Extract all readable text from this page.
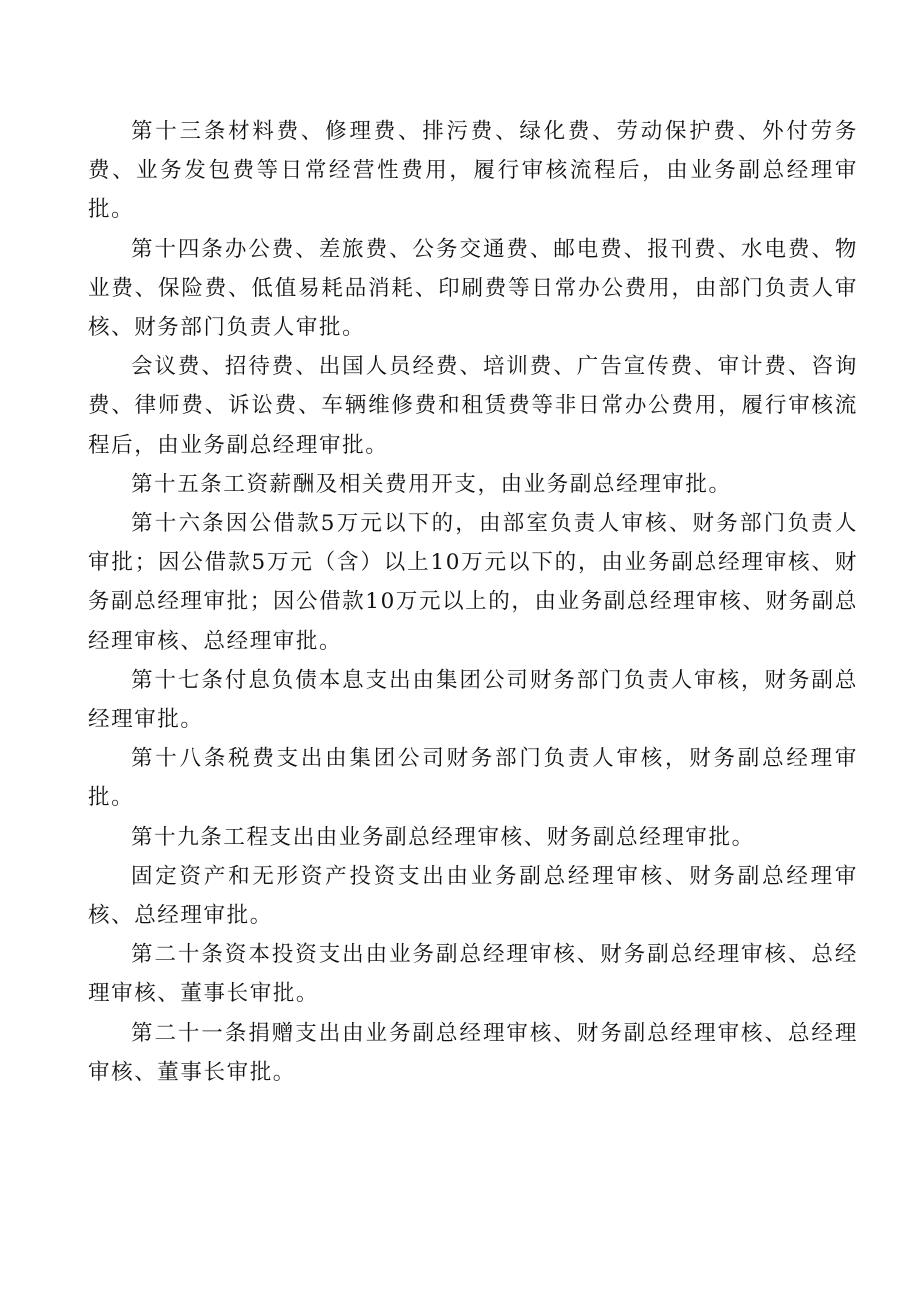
第十三条材料费、修理费、排污费、绿化费、劳动保护费、外付劳务费、业务发包费等日常经营性费用，履行审核流程后，由业务副总经理审批。

第十四条办公费、差旅费、公务交通费、邮电费、报刊费、水电费、物业费、保险费、低值易耗品消耗、印刷费等日常办公费用，由部门负责人审核、财务部门负责人审批。

会议费、招待费、出国人员经费、培训费、广告宣传费、审计费、咨询费、律师费、诉讼费、车辆维修费和租赁费等非日常办公费用，履行审核流程后，由业务副总经理审批。

第十五条工资薪酬及相关费用开支，由业务副总经理审批。

第十六条因公借款5万元以下的，由部室负责人审核、财务部门负责人审批；因公借款5万元（含）以上10万元以下的，由业务副总经理审核、财务副总经理审批；因公借款10万元以上的，由业务副总经理审核、财务副总经理审核、总经理审批。

第十七条付息负债本息支出由集团公司财务部门负责人审核，财务副总经理审批。

第十八条税费支出由集团公司财务部门负责人审核，财务副总经理审批。

第十九条工程支出由业务副总经理审核、财务副总经理审批。

固定资产和无形资产投资支出由业务副总经理审核、财务副总经理审核、总经理审批。

第二十条资本投资支出由业务副总经理审核、财务副总经理审核、总经理审核、董事长审批。

第二十一条捐赠支出由业务副总经理审核、财务副总经理审核、总经理审核、董事长审批。
